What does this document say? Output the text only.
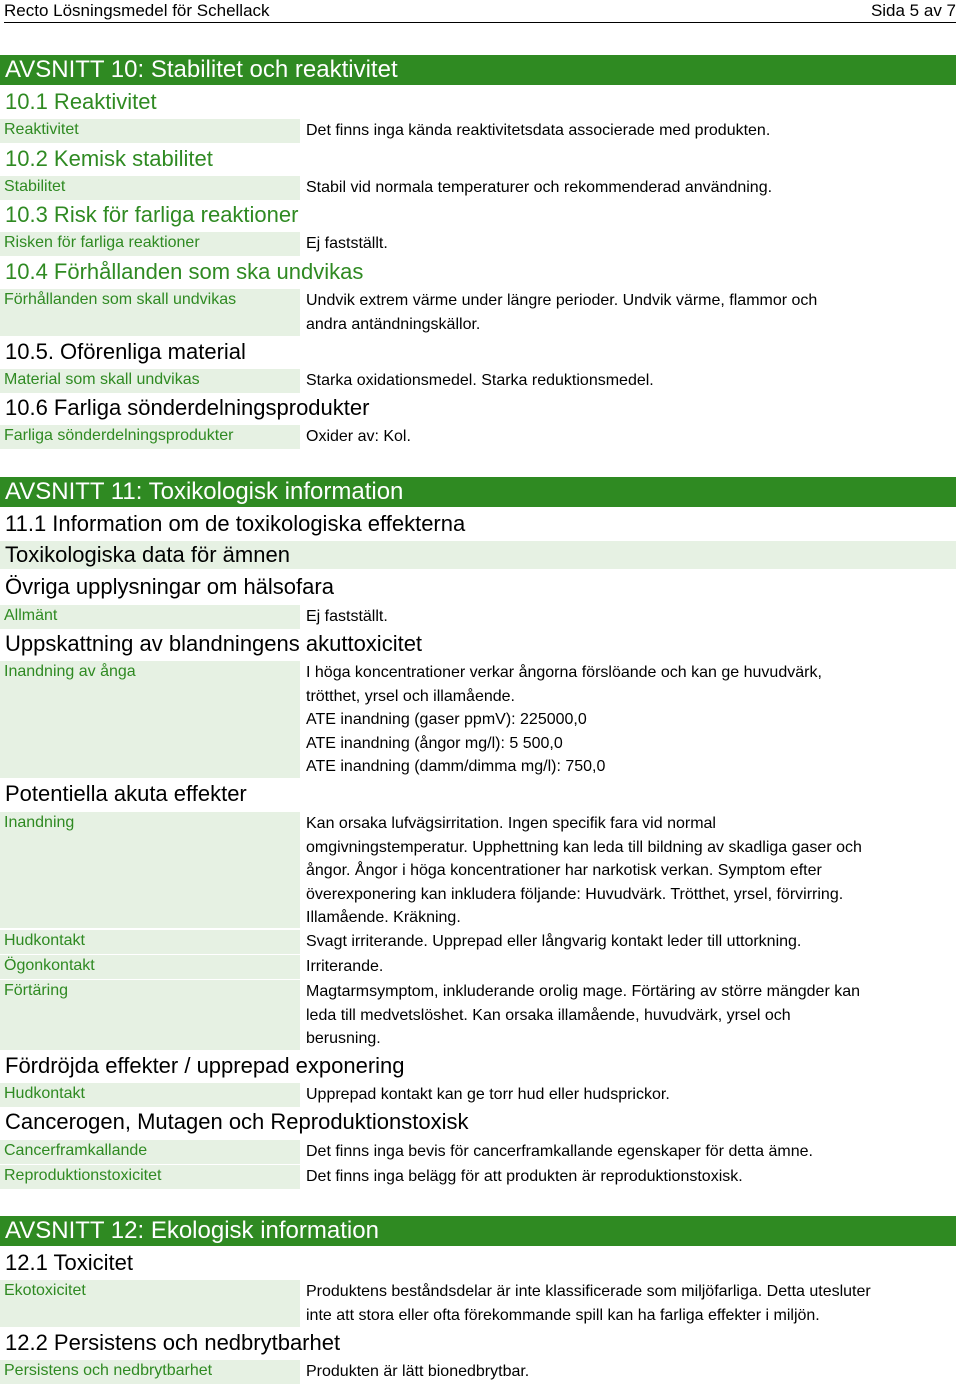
Recto Lösningsmedel för Schellack	Sida 5 av 7
AVSNITT 10: Stabilitet och reaktivitet
10.1 Reaktivitet
Reaktivitet	Det finns inga kända reaktivitetsdata associerade med produkten.
10.2 Kemisk stabilitet
Stabilitet	Stabil vid normala temperaturer och rekommenderad användning.
10.3 Risk för farliga reaktioner
Risken för farliga reaktioner	Ej fastställt.
10.4 Förhållanden som ska undvikas
Förhållanden som skall undvikas	Undvik extrem värme under längre perioder. Undvik värme, flammor och
andra antändningskällor.
10.5. Oförenliga material
Material som skall undvikas	Starka oxidationsmedel. Starka reduktionsmedel.
10.6 Farliga sönderdelningsprodukter
Farliga sönderdelningsprodukter	Oxider av: Kol.
AVSNITT 11: Toxikologisk information
11.1 Information om de toxikologiska effekterna
Toxikologiska data för ämnen
Övriga upplysningar om hälsofara
Allmänt	Ej fastställt.
Uppskattning av blandningens akuttoxicitet
Inandning av ånga	I höga koncentrationer verkar ångorna förslöande och kan ge huvudvärk,
trötthet, yrsel och illamående.
ATE inandning (gaser ppmV): 225000,0
ATE inandning (ångor mg/l): 5 500,0
ATE inandning (damm/dimma mg/l): 750,0
Potentiella akuta effekter
Inandning	Kan orsaka lufvägsirritation. Ingen specifik fara vid normal
omgivningstemperatur. Upphettning kan leda till bildning av skadliga gaser och
ångor. Ångor i höga koncentrationer har narkotisk verkan. Symptom efter
överexponering kan inkludera följande: Huvudvärk. Trötthet, yrsel, förvirring.
Illamående. Kräkning.
Hudkontakt	Svagt irriterande. Upprepad eller långvarig kontakt leder till uttorkning.
Ögonkontakt	Irriterande.
Förtäring	Magtarmsymptom, inkluderande orolig mage. Förtäring av större mängder kan
leda till medvetslöshet. Kan orsaka illamående, huvudvärk, yrsel och
berusning.
Fördröjda effekter / upprepad exponering
Hudkontakt	Upprepad kontakt kan ge torr hud eller hudsprickor.
Cancerogen, Mutagen och Reproduktionstoxisk
Cancerframkallande	Det finns inga bevis för cancerframkallande egenskaper för detta ämne.
Reproduktionstoxicitet	Det finns inga belägg för att produkten är reproduktionstoxisk.
AVSNITT 12: Ekologisk information
12.1 Toxicitet
Ekotoxicitet	Produktens beståndsdelar är inte klassificerade som miljöfarliga. Detta utesluter
inte att stora eller ofta förekommande spill kan ha farliga effekter i miljön.
12.2 Persistens och nedbrytbarhet
Persistens och nedbrytbarhet	Produkten är lätt bionedbrytbar.
